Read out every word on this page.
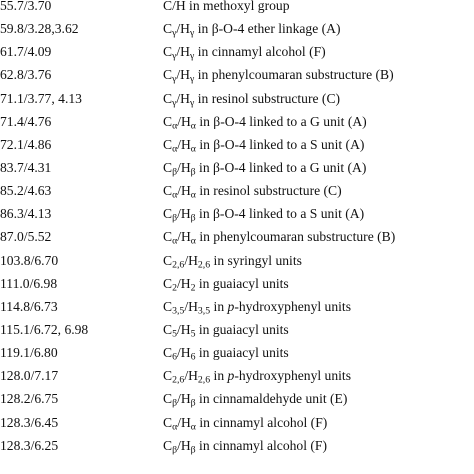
55.7/3.70	C/H in methoxyl group
59.8/3.28,3.62	$C_\gamma/H_\gamma$ in β-O-4 ether linkage (A)
61.7/4.09	$C_\gamma/H_\gamma$ in cinnamyl alcohol (F)
62.8/3.76	$C_\gamma/H_\gamma$ in phenylcoumaran substructure (B)
71.1/3.77, 4.13	$C_\gamma/H_\gamma$ in resinol substructure (C)
71.4/4.76	$C_\alpha/H_\alpha$ in β-O-4 linked to a G unit (A)
72.1/4.86	$C_\alpha/H_\alpha$ in β-O-4 linked to a S unit (A)
83.7/4.31	$C_\beta/H_\beta$ in β-O-4 linked to a G unit (A)
85.2/4.63	$C_\alpha/H_\alpha$ in resinol substructure (C)
86.3/4.13	$C_\beta/H_\beta$ in β-O-4 linked to a S unit (A)
87.0/5.52	$C_\alpha/H_\alpha$ in phenylcoumaran substructure (B)
103.8/6.70	$C_{2,6}/H_{2,6}$ in syringyl units
111.0/6.98	$C_2/H_2$ in guaiacyl units
114.8/6.73	$C_{3,5}/H_{3,5}$ in p-hydroxyphenyl units
115.1/6.72, 6.98	$C_5/H_5$ in guaiacyl units
119.1/6.80	$C_6/H_6$ in guaiacyl units
128.0/7.17	$C_{2,6}/H_{2,6}$ in p-hydroxyphenyl units
128.2/6.75	$C_\beta/H_\beta$ in cinnamaldehyde unit (E)
128.3/6.45	$C_\alpha/H_\alpha$ in cinnamyl alcohol (F)
128.3/6.25	$C_\beta/H_\beta$ in cinnamyl alcohol (F)
